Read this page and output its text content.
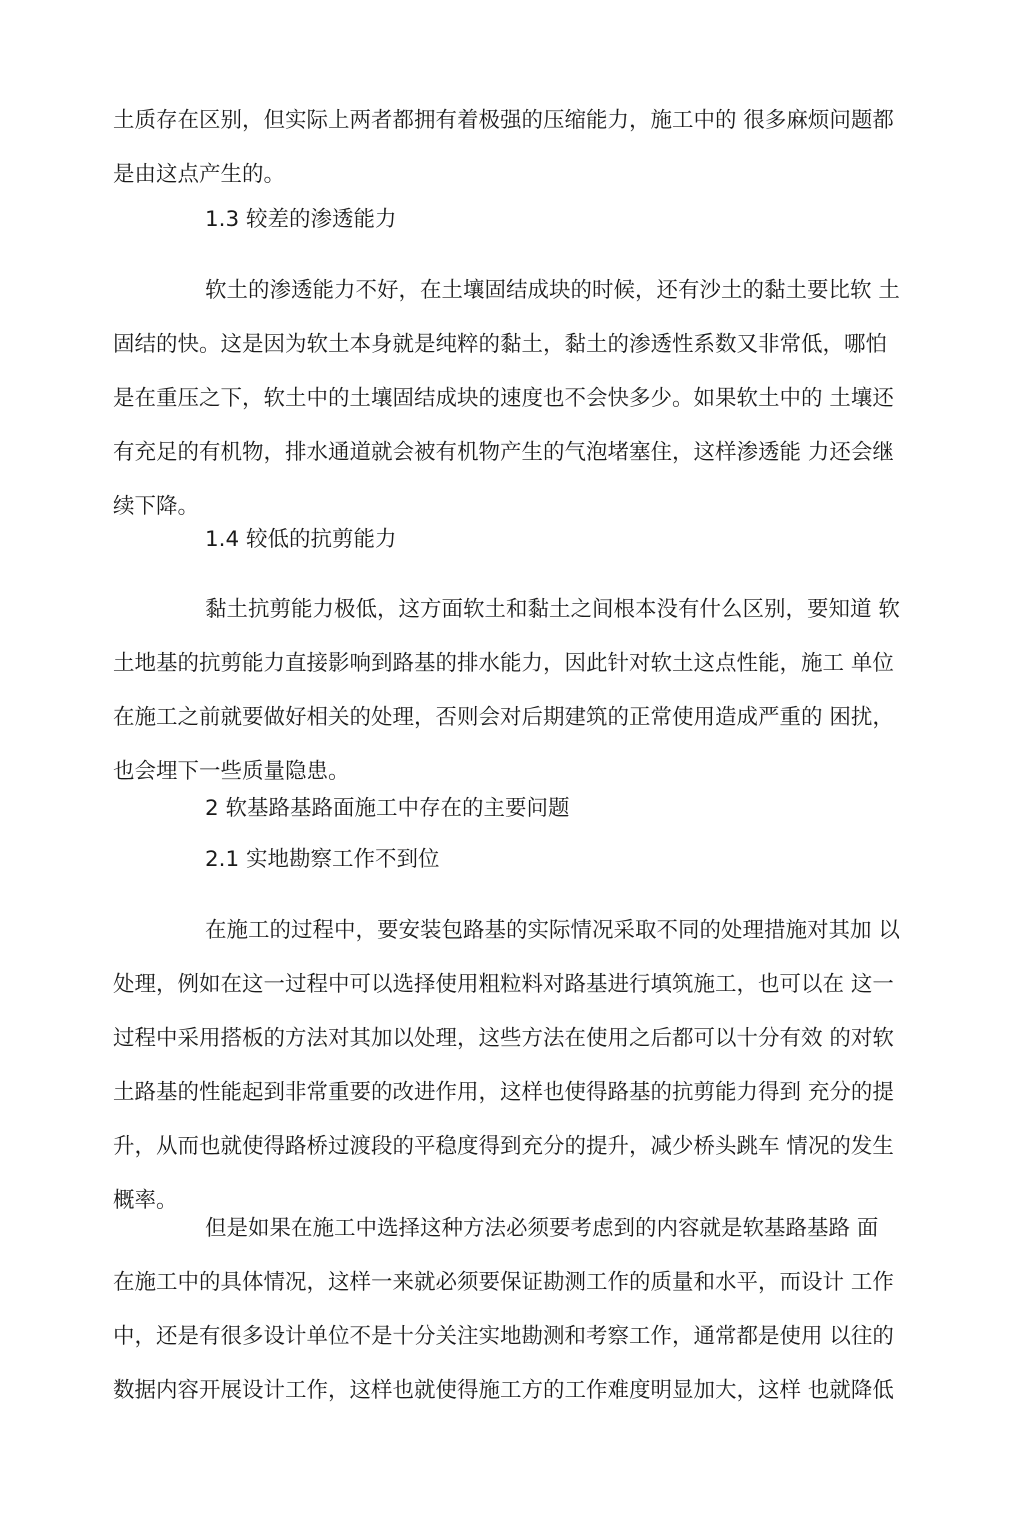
土质存在区别，但实际上两者都拥有着极强的压缩能力，施工中的 很多麻烦问题都
是由这点产生的。
1.3 较差的渗透能力
软土的渗透能力不好，在土壤固结成块的时候，还有沙土的黏土要比软 土
固结的快。这是因为软土本身就是纯粹的黏土，黏土的渗透性系数又非常低，哪怕
是在重压之下，软土中的土壤固结成块的速度也不会快多少。如果软土中的 土壤还
有充足的有机物，排水通道就会被有机物产生的气泡堵塞住，这样渗透能 力还会继
续下降。
1.4 较低的抗剪能力
黏土抗剪能力极低，这方面软土和黏土之间根本没有什么区别，要知道 软
土地基的抗剪能力直接影响到路基的排水能力，因此针对软土这点性能，施工 单位
在施工之前就要做好相关的处理，否则会对后期建筑的正常使用造成严重的 困扰，
也会埋下一些质量隐患。
2 软基路基路面施工中存在的主要问题
2.1 实地勘察工作不到位
在施工的过程中，要安装包路基的实际情况采取不同的处理措施对其加 以
处理，例如在这一过程中可以选择使用粗粒料对路基进行填筑施工，也可以在 这一
过程中采用搭板的方法对其加以处理，这些方法在使用之后都可以十分有效 的对软
土路基的性能起到非常重要的改进作用，这样也使得路基的抗剪能力得到 充分的提
升，从而也就使得路桥过渡段的平稳度得到充分的提升，减少桥头跳车 情况的发生
概率。
但是如果在施工中选择这种方法必须要考虑到的内容就是软基路基路 面
在施工中的具体情况，这样一来就必须要保证勘测工作的质量和水平，而设计 工作
中，还是有很多设计单位不是十分关注实地勘测和考察工作，通常都是使用 以往的
数据内容开展设计工作，这样也就使得施工方的工作难度明显加大，这样 也就降低
